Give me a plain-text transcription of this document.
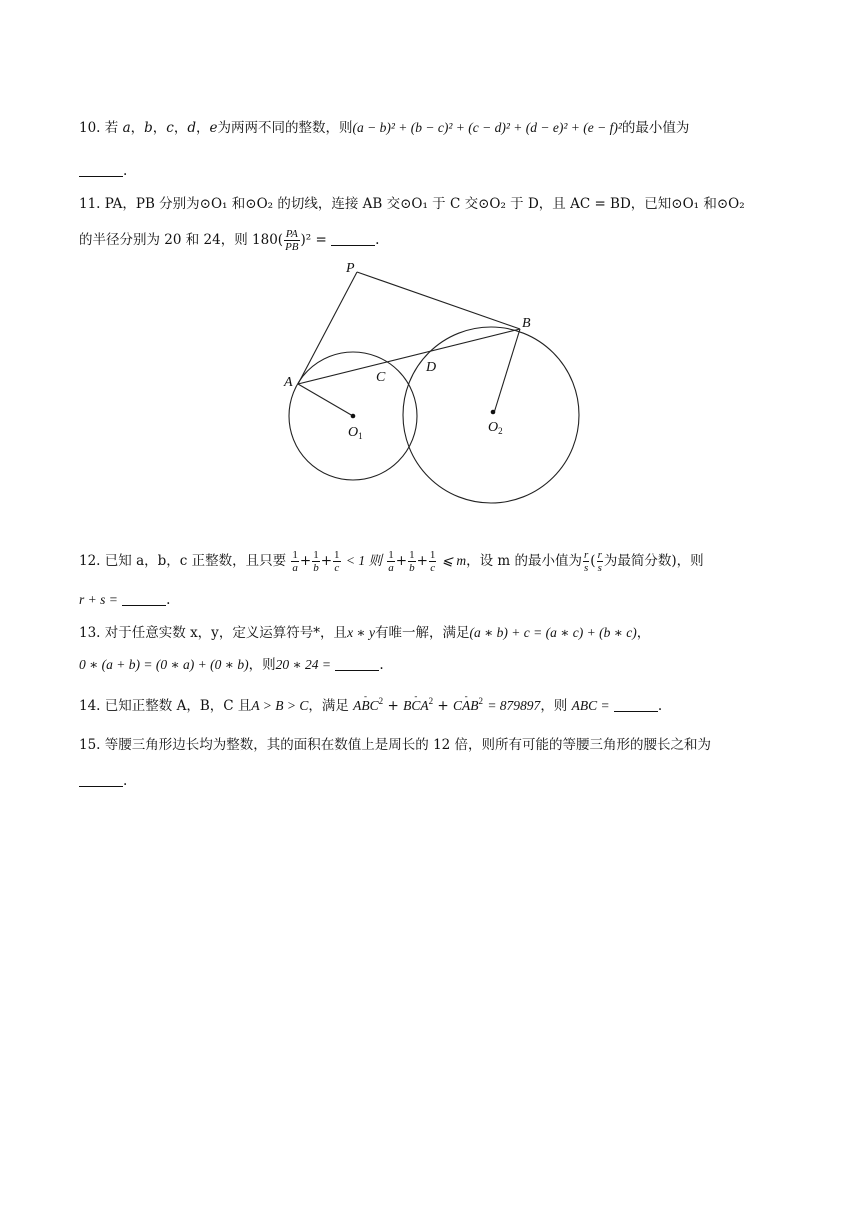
10. 若 a，b，c，d，e为两两不同的整数，则(a − b)² + (b − c)² + (c − d)² + (d − e)² + (e − f)²的最小值为
.
11. PA，PB 分别为⊙O₁ 和⊙O₂ 的切线，连接 AB 交⊙O₁ 于 C 交⊙O₂ 于 D，且 AC = BD，已知⊙O₁ 和⊙O₂
的半径分别为 20 和 24，则 $180( \frac{PA}{PB} )^2$ =	.
P
B
A	C
D
$O_1$
$O_2$
12. 已知 a，b，c 正整数，且只要 $\frac{1}{a} + \frac{1}{b} + \frac{1}{c} < 1$ 则 $\frac{1}{a} + \frac{1}{b} + \frac{1}{c}$ ⩽ m，设 m 的最小值为 $\frac{r}{s}$ ( $\frac{r}{s}$ 为最简分数)，则
r + s =	.
13. 对于任意实数 x，y，定义运算符号*，且x ∗ y有唯一解，满足(a ∗ b) + c = (a ∗ c) + (b ∗ c)，
0 ∗ (a + b) = (0 ∗ a) + (0 ∗ b)，则20 ∗ 24 =	.
14. 已知正整数 A，B，C 且A > B > C，满足 A- $BC^2 + B-$ $CA^2 + C-$ $AB^2 = 879897$，则 ABC =	.
15. 等腰三角形边长均为整数，其的面积在数值上是周长的 12 倍，则所有可能的等腰三角形的腰长之和为
.
